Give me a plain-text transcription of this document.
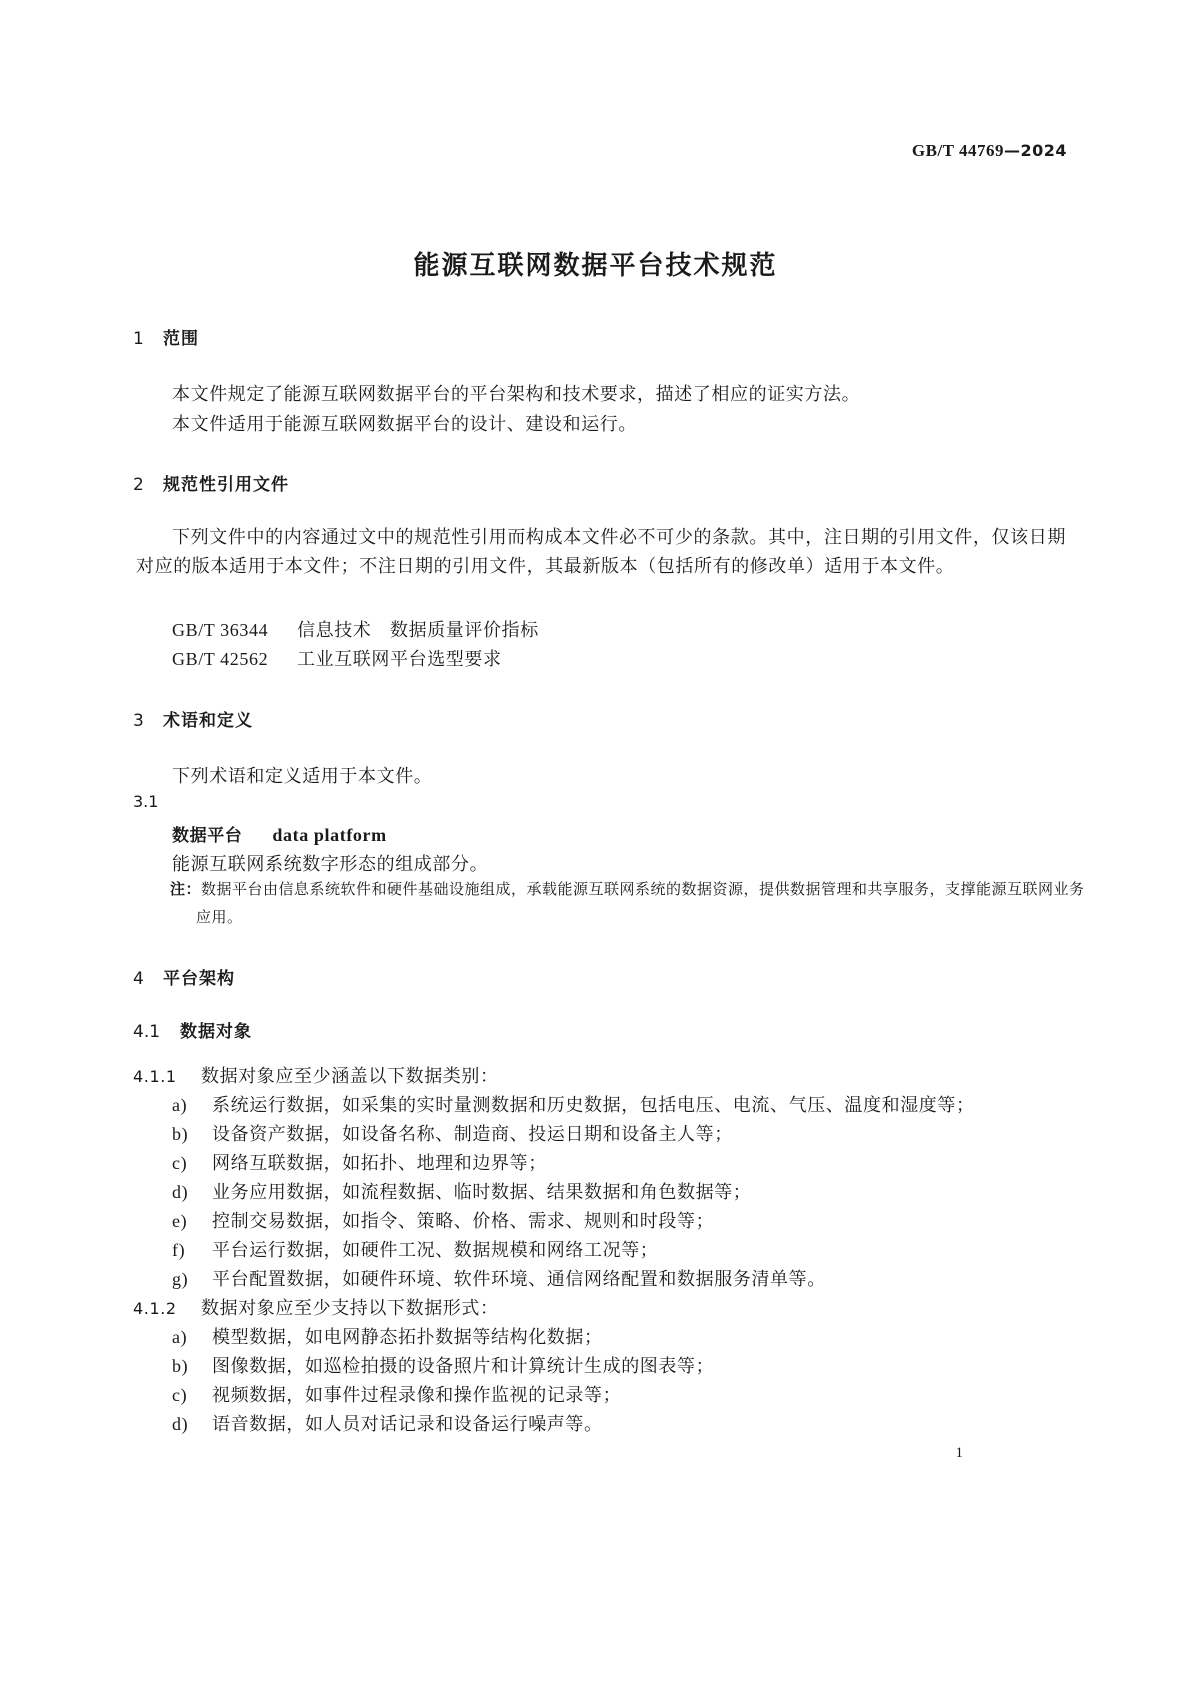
GB/T 44769—2024
能源互联网数据平台技术规范
1 范围
本文件规定了能源互联网数据平台的平台架构和技术要求，描述了相应的证实方法。
本文件适用于能源互联网数据平台的设计、建设和运行。
2 规范性引用文件
下列文件中的内容通过文中的规范性引用而构成本文件必不可少的条款。其中，注日期的引用文件，仅该日期对应的版本适用于本文件；不注日期的引用文件，其最新版本（包括所有的修改单）适用于本文件。
GB/T 36344 信息技术　数据质量评价指标
GB/T 42562 工业互联网平台选型要求
3 术语和定义
下列术语和定义适用于本文件。
3.1
数据平台 data platform
能源互联网系统数字形态的组成部分。
注：数据平台由信息系统软件和硬件基础设施组成，承载能源互联网系统的数据资源，提供数据管理和共享服务，支撑能源互联网业务应用。
4 平台架构
4.1 数据对象
4.1.1 数据对象应至少涵盖以下数据类别：
a) 系统运行数据，如采集的实时量测数据和历史数据，包括电压、电流、气压、温度和湿度等；
b) 设备资产数据，如设备名称、制造商、投运日期和设备主人等；
c) 网络互联数据，如拓扑、地理和边界等；
d) 业务应用数据，如流程数据、临时数据、结果数据和角色数据等；
e) 控制交易数据，如指令、策略、价格、需求、规则和时段等；
f) 平台运行数据，如硬件工况、数据规模和网络工况等；
g) 平台配置数据，如硬件环境、软件环境、通信网络配置和数据服务清单等。
4.1.2 数据对象应至少支持以下数据形式：
a) 模型数据，如电网静态拓扑数据等结构化数据；
b) 图像数据，如巡检拍摄的设备照片和计算统计生成的图表等；
c) 视频数据，如事件过程录像和操作监视的记录等；
d) 语音数据，如人员对话记录和设备运行噪声等。
1
